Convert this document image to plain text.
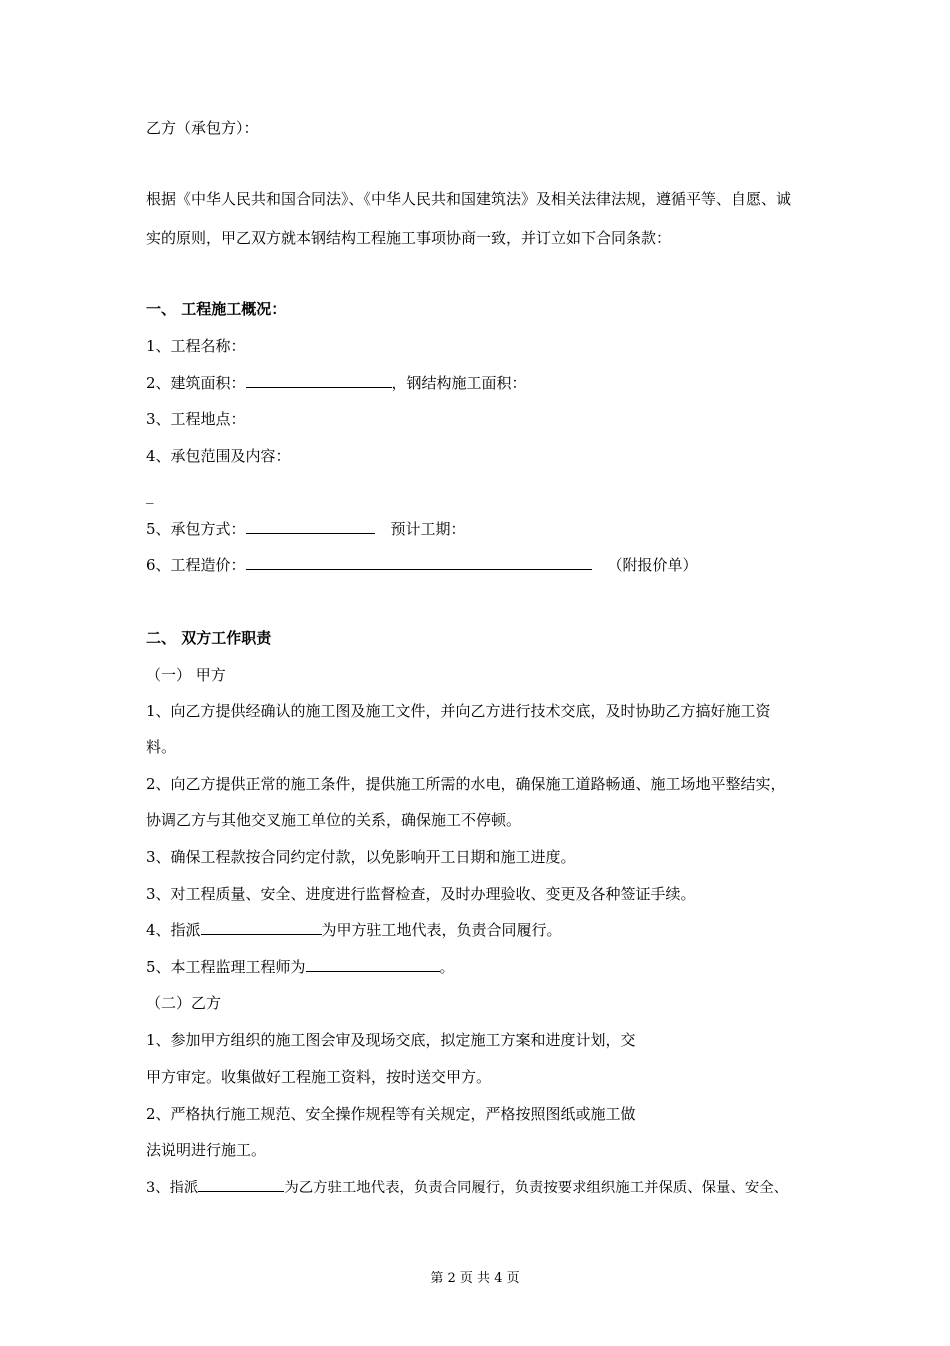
乙方（承包方）：
根据《中华人民共和国合同法》、《中华人民共和国建筑法》及相关法律法规，遵循平等、自愿、诚
实的原则，甲乙双方就本钢结构工程施工事项协商一致，并订立如下合同条款：
一、 工程施工概况：
1、工程名称：
2、建筑面积：	，钢结构施工面积：
3、工程地点：
4、承包范围及内容：
_
5、承包方式：	预计工期：
6、工程造价：	（附报价单）
二、 双方工作职责
（一） 甲方
1、向乙方提供经确认的施工图及施工文件，并向乙方进行技术交底，及时协助乙方搞好施工资
料。
2、向乙方提供正常的施工条件，提供施工所需的水电，确保施工道路畅通、施工场地平整结实，
协调乙方与其他交叉施工单位的关系，确保施工不停顿。
3、确保工程款按合同约定付款，以免影响开工日期和施工进度。
3、对工程质量、安全、进度进行监督检查，及时办理验收、变更及各种签证手续。
4、指派	为甲方驻工地代表，负责合同履行。
5、本工程监理工程师为	。
（二）乙方
1、参加甲方组织的施工图会审及现场交底，拟定施工方案和进度计划，交
甲方审定。收集做好工程施工资料，按时送交甲方。
2、严格执行施工规范、安全操作规程等有关规定，严格按照图纸或施工做
法说明进行施工。
3、指派	为乙方驻工地代表，负责合同履行，负责按要求组织施工并保质、保量、安全、
第 2 页 共 4 页
